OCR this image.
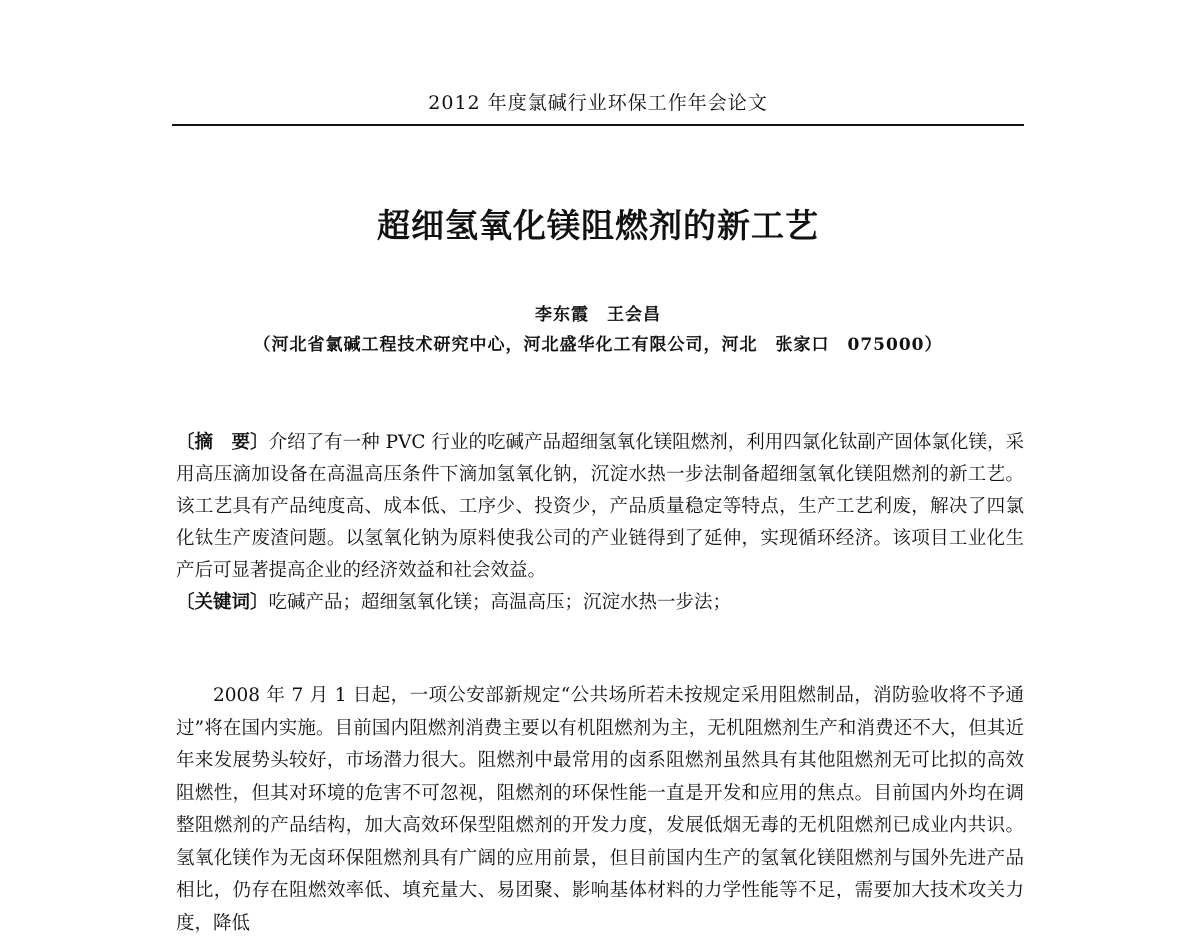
2012 年度氯碱行业环保工作年会论文
超细氢氧化镁阻燃剂的新工艺
李东霞　王会昌
（河北省氯碱工程技术研究中心，河北盛华化工有限公司，河北　张家口　075000）
〔摘　要〕介绍了有一种 PVC 行业的吃碱产品超细氢氧化镁阻燃剂，利用四氯化钛副产固体氯化镁，采用高压滴加设备在高温高压条件下滴加氢氧化钠，沉淀水热一步法制备超细氢氧化镁阻燃剂的新工艺。该工艺具有产品纯度高、成本低、工序少、投资少，产品质量稳定等特点，生产工艺利废，解决了四氯化钛生产废渣问题。以氢氧化钠为原料使我公司的产业链得到了延伸，实现循环经济。该项目工业化生产后可显著提高企业的经济效益和社会效益。
〔关键词〕吃碱产品；超细氢氧化镁；高温高压；沉淀水热一步法；
2008 年 7 月 1 日起，一项公安部新规定“公共场所若未按规定采用阻燃制品，消防验收将不予通过”将在国内实施。目前国内阻燃剂消费主要以有机阻燃剂为主，无机阻燃剂生产和消费还不大，但其近年来发展势头较好，市场潜力很大。阻燃剂中最常用的卤系阻燃剂虽然具有其他阻燃剂无可比拟的高效阻燃性，但其对环境的危害不可忽视，阻燃剂的环保性能一直是开发和应用的焦点。目前国内外均在调整阻燃剂的产品结构，加大高效环保型阻燃剂的开发力度，发展低烟无毒的无机阻燃剂已成业内共识。氢氧化镁作为无卤环保阻燃剂具有广阔的应用前景，但目前国内生产的氢氧化镁阻燃剂与国外先进产品相比，仍存在阻燃效率低、填充量大、易团聚、影响基体材料的力学性能等不足，需要加大技术攻关力度，降低
